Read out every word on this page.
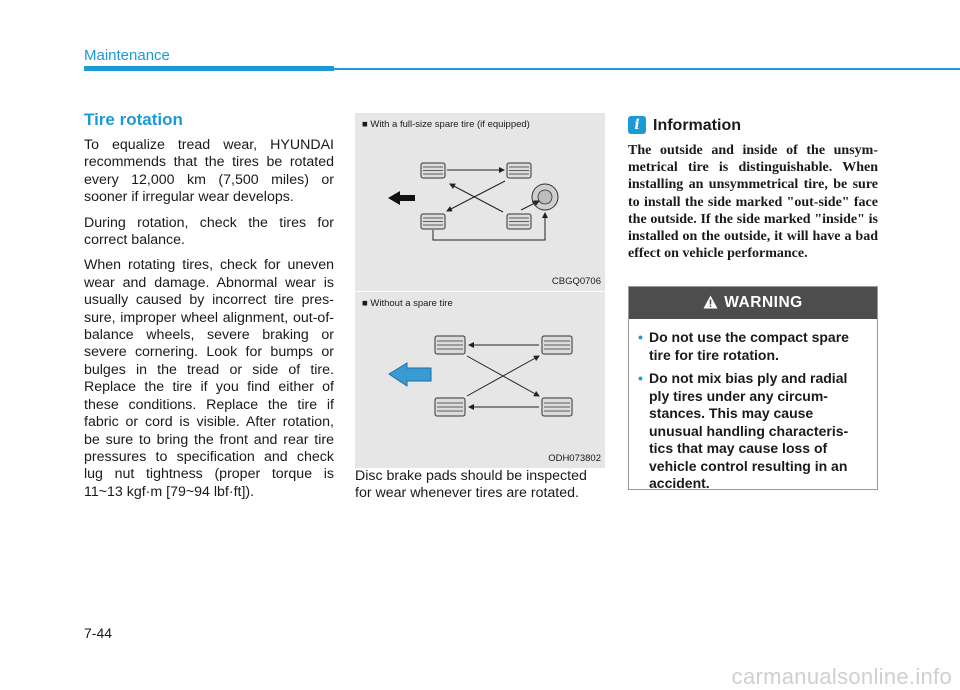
Maintenance
Tire rotation

To equalize tread wear, HYUNDAI recommends that the tires be rotated every 12,000 km (7,500 miles) or sooner if irregular wear develops.

During rotation, check the tires for correct balance.

When rotating tires, check for uneven wear and damage. Abnormal wear is usually caused by incorrect tire pres-sure, improper wheel alignment, out-of-balance wheels, severe braking or severe cornering. Look for bumps or bulges in the tread or side of tire. Replace the tire if you find either of these conditions. Replace the tire if fabric or cord is visible. After rotation, be sure to bring the front and rear tire pressures to specification and check lug nut tightness (proper torque is 11~13 kgf·m [79~94 lbf·ft]).

■ With a full-size spare tire (if equipped)
CBGQ0706
■ Without a spare tire
ODH073802

Disc brake pads should be inspected for wear whenever tires are rotated.

i Information

The outside and inside of the unsym-metrical tire is distinguishable. When installing an unsymmetrical tire, be sure to install the side marked "out-side" face the outside. If the side marked "inside" is installed on the outside, it will have a bad effect on vehicle performance.

WARNING
• Do not use the compact spare tire for tire rotation.
• Do not mix bias ply and radial ply tires under any circum-stances. This may cause unusual handling characteris-tics that may cause loss of vehicle control resulting in an accident.
7-44
carmanualsonline.info
